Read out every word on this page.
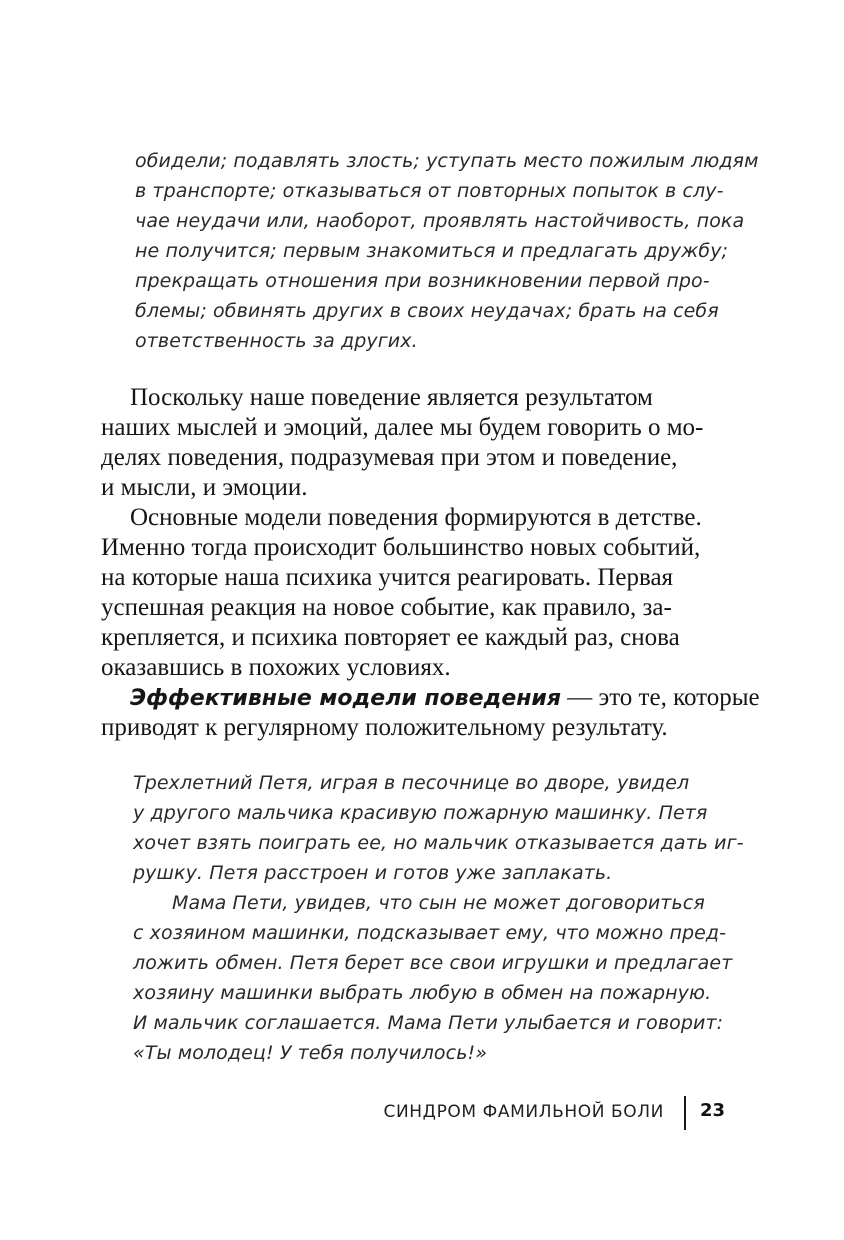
обидели; подавлять злость; уступать место пожилым людям
в транспорте; отказываться от повторных попыток в слу-
чае неудачи или, наоборот, проявлять настойчивость, пока
не получится; первым знакомиться и предлагать дружбу;
прекращать отношения при возникновении первой про-
блемы; обвинять других в своих неудачах; брать на себя
ответственность за других.
Поскольку наше поведение является результатом
наших мыслей и эмоций, далее мы будем говорить о мо-
делях поведения, подразумевая при этом и поведение,
и мысли, и эмоции.
Основные модели поведения формируются в детстве.
Именно тогда происходит большинство новых событий,
на которые наша психика учится реагировать. Первая
успешная реакция на новое событие, как правило, за-
крепляется, и психика повторяет ее каждый раз, снова
оказавшись в похожих условиях.
Эффективные модели поведения — это те, которые
приводят к регулярному положительному результату.
Трехлетний Петя, играя в песочнице во дворе, увидел
у другого мальчика красивую пожарную машинку. Петя
хочет взять поиграть ее, но мальчик отказывается дать иг-
рушку. Петя расстроен и готов уже заплакать.
Мама Пети, увидев, что сын не может договориться
с хозяином машинки, подсказывает ему, что можно пред-
ложить обмен. Петя берет все свои игрушки и предлагает
хозяину машинки выбрать любую в обмен на пожарную.
И мальчик соглашается. Мама Пети улыбается и говорит:
«Ты молодец! У тебя получилось!»
СИНДРОМ ФАМИЛЬНОЙ БОЛИ 23
